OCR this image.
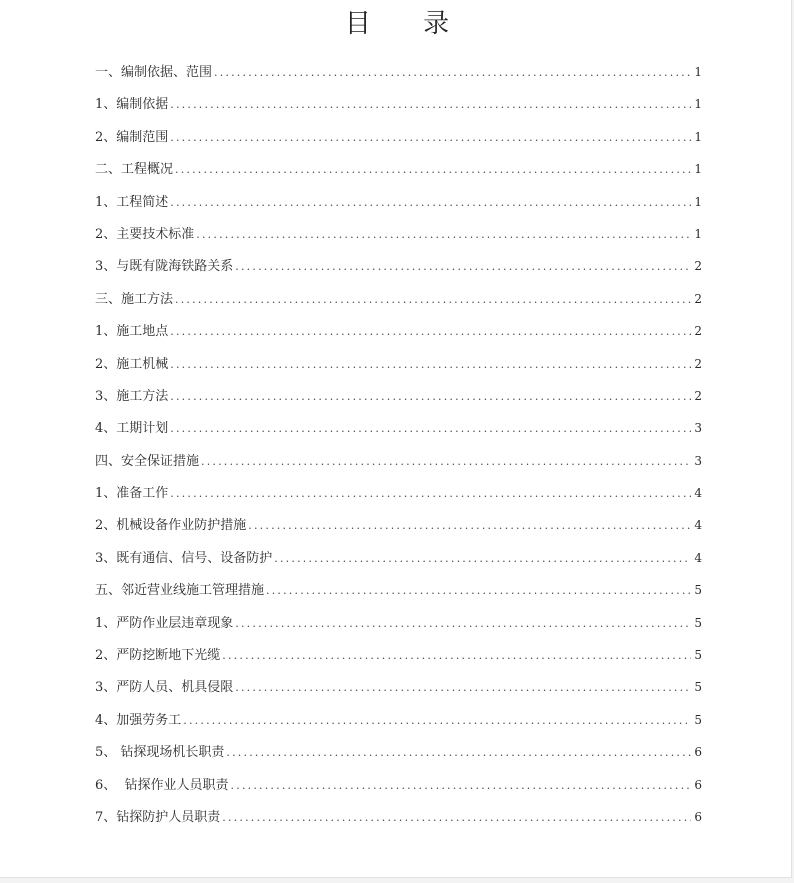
目 录
一、编制依据、范围 .....	1
1、编制依据 .....	1
2、编制范围 .....	1
二、工程概况 .....	1
1、工程简述 .....	1
2、主要技术标准 .....	1
3、与既有陇海铁路关系 .....	2
三、施工方法 .....	2
1、施工地点 .....	2
2、施工机械 .....	2
3、施工方法 .....	2
4、工期计划 .....	3
四、安全保证措施 .....	3
1、准备工作 .....	4
2、机械设备作业防护措施 .....	4
3、既有通信、信号、设备防护 .....	4
五、邻近营业线施工管理措施 .....	5
1、严防作业层违章现象 .....	5
2、严防挖断地下光缆 .....	5
3、严防人员、机具侵限 .....	5
4、加强劳务工 .....	5
5、 钻探现场机长职责 .....	6
6、  钻探作业人员职责 .....	6
7、钻探防护人员职责 .....	6
